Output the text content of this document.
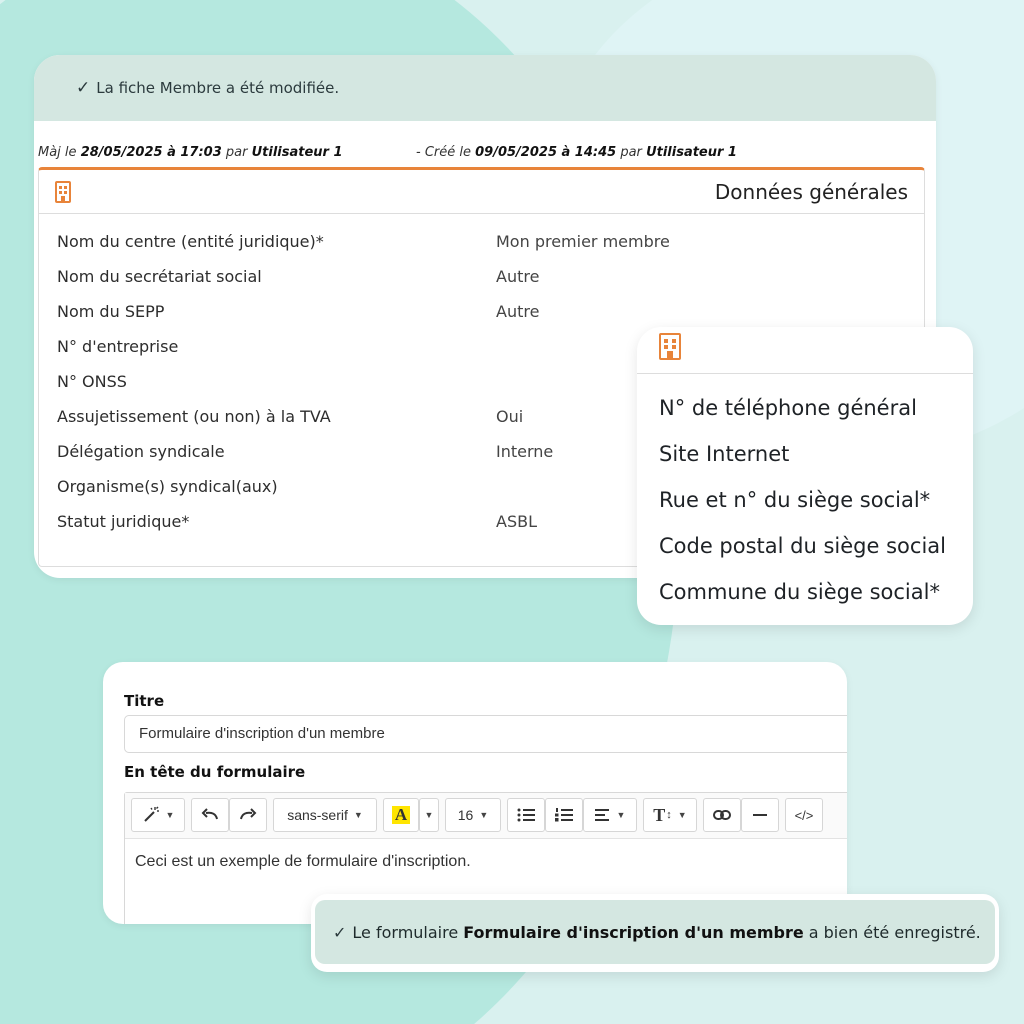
✓ La fiche Membre a été modifiée.
Màj le 28/05/2025 à 17:03 par Utilisateur 1	- Créé le 09/05/2025 à 14:45 par Utilisateur 1
Données générales
Nom du centre (entité juridique)*	Mon premier membre
Nom du secrétariat social	Autre
Nom du SEPP	Autre
N° d'entreprise
N° ONSS
Assujetissement (ou non) à la TVA	Oui
Délégation syndicale	Interne
Organisme(s) syndical(aux)
Statut juridique*	ASBL
N° de téléphone général
Site Internet
Rue et n° du siège social*
Code postal du siège social
Commune du siège social*
Titre
Formulaire d'inscription d'un membre
En tête du formulaire
▼	sans-serif ▼ A	▼ 16 ▼	▼ T ↕ ▼	</>
Ceci est un exemple de formulaire d'inscription.
✓ Le formulaire Formulaire d'inscription d'un membre a bien été enregistré.
